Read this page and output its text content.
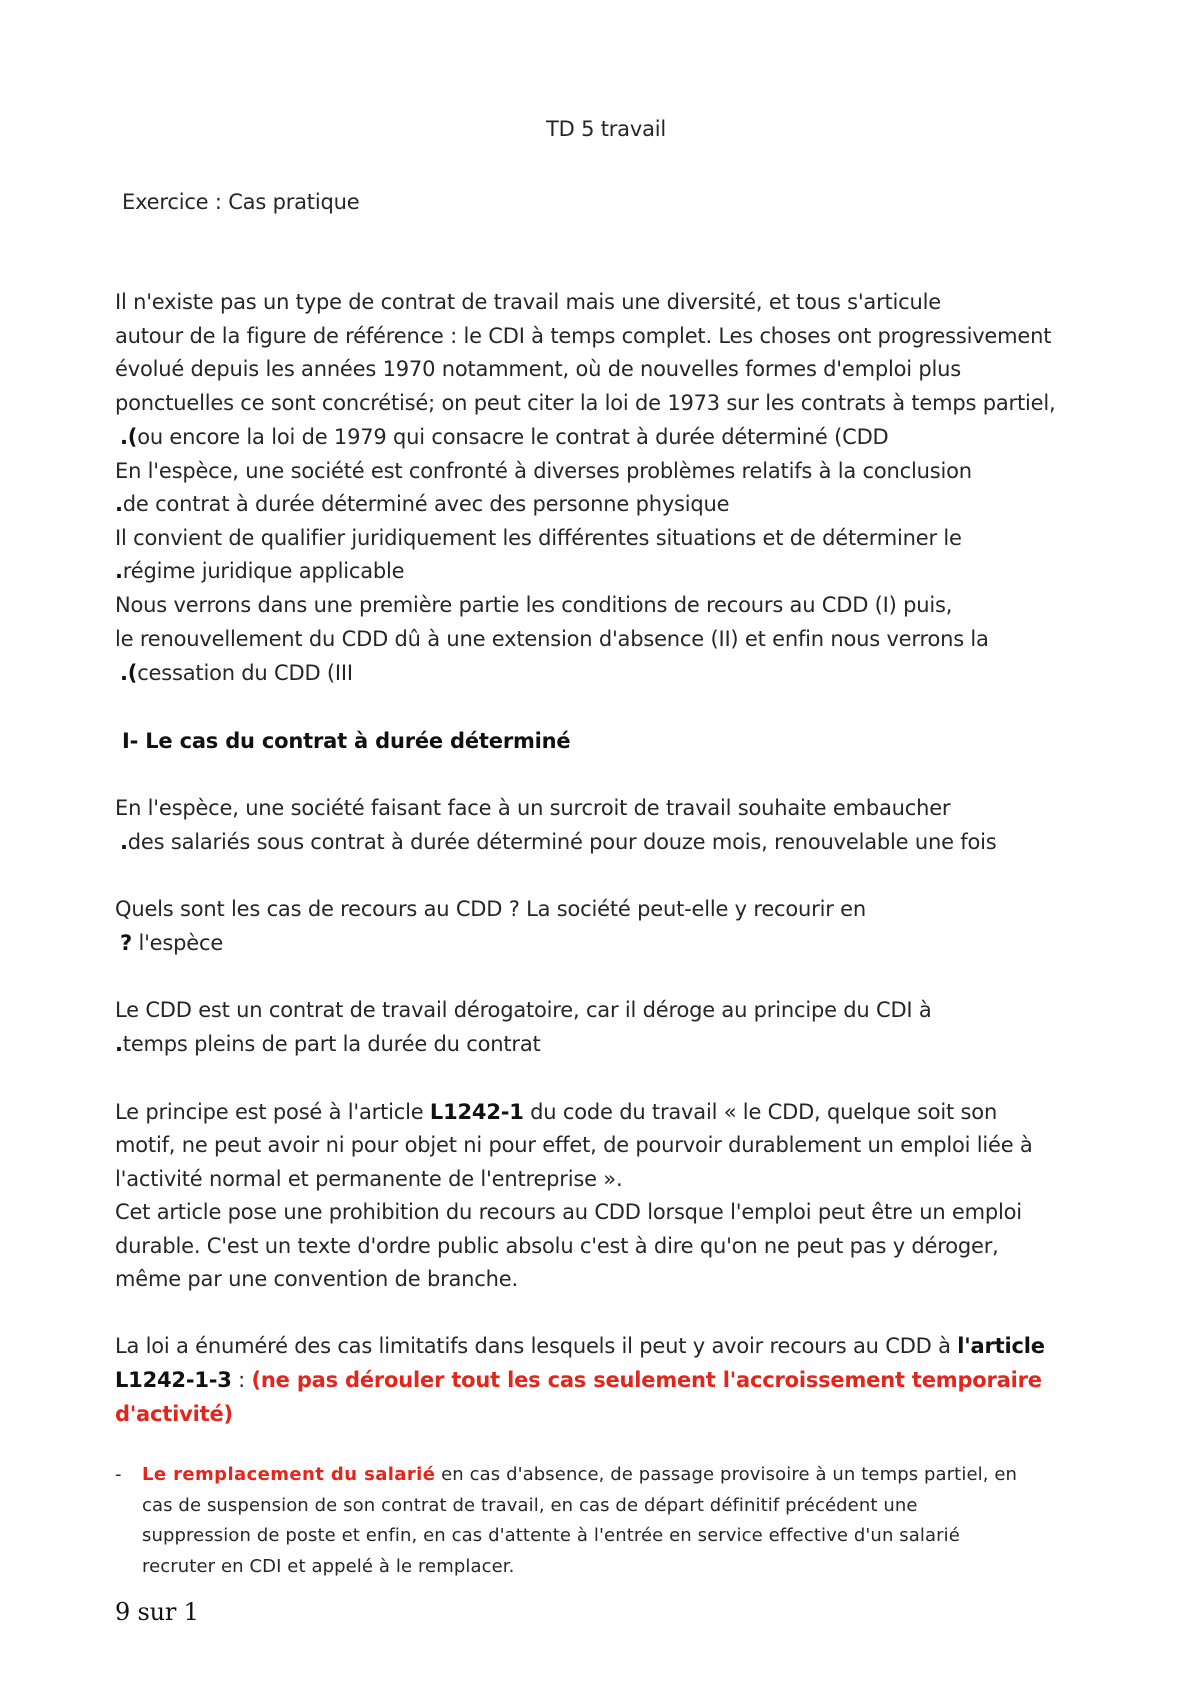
TD 5 travail
Exercice : Cas pratique
Il n'existe pas un type de contrat de travail mais une diversité, et tous s'articule
autour de la figure de référence : le CDI à temps complet. Les choses ont progressivement
évolué depuis les années 1970 notamment, où de nouvelles formes d'emploi plus
ponctuelles ce sont concrétisé; on peut citer la loi de 1973 sur les contrats à temps partiel,
.(ou encore la loi de 1979 qui consacre le contrat à durée déterminé (CDD
En l'espèce, une société est confronté à diverses problèmes relatifs à la conclusion
.de contrat à durée déterminé avec des personne physique
Il convient de qualifier juridiquement les différentes situations et de déterminer le
.régime juridique applicable
Nous verrons dans une première partie les conditions de recours au CDD (I) puis,
le renouvellement du CDD dû à une extension d'absence (II) et enfin nous verrons la
.(cessation du CDD (III
I- Le cas du contrat à durée déterminé
En l'espèce, une société faisant face à un surcroit de travail souhaite embaucher
.des salariés sous contrat à durée déterminé pour douze mois, renouvelable une fois
Quels sont les cas de recours au CDD ? La société peut-elle y recourir en
? l'espèce
Le CDD est un contrat de travail dérogatoire, car il déroge au principe du CDI à
.temps pleins de part la durée du contrat
Le principe est posé à l'article L1242-1 du code du travail « le CDD, quelque soit son
motif, ne peut avoir ni pour objet ni pour effet, de pourvoir durablement un emploi liée à
l'activité normal et permanente de l'entreprise ».
Cet article pose une prohibition du recours au CDD lorsque l'emploi peut être un emploi
durable. C'est un texte d'ordre public absolu c'est à dire qu'on ne peut pas y déroger,
même par une convention de branche.
La loi a énuméré des cas limitatifs dans lesquels il peut y avoir recours au CDD à l'article
L1242-1-3 : (ne pas dérouler tout les cas seulement l'accroissement temporaire
d'activité)
- Le remplacement du salarié en cas d'absence, de passage provisoire à un temps partiel, en
cas de suspension de son contrat de travail, en cas de départ définitif précédent une
suppression de poste et enfin, en cas d'attente à l'entrée en service effective d'un salarié
recruter en CDI et appelé à le remplacer.
9 sur 1
